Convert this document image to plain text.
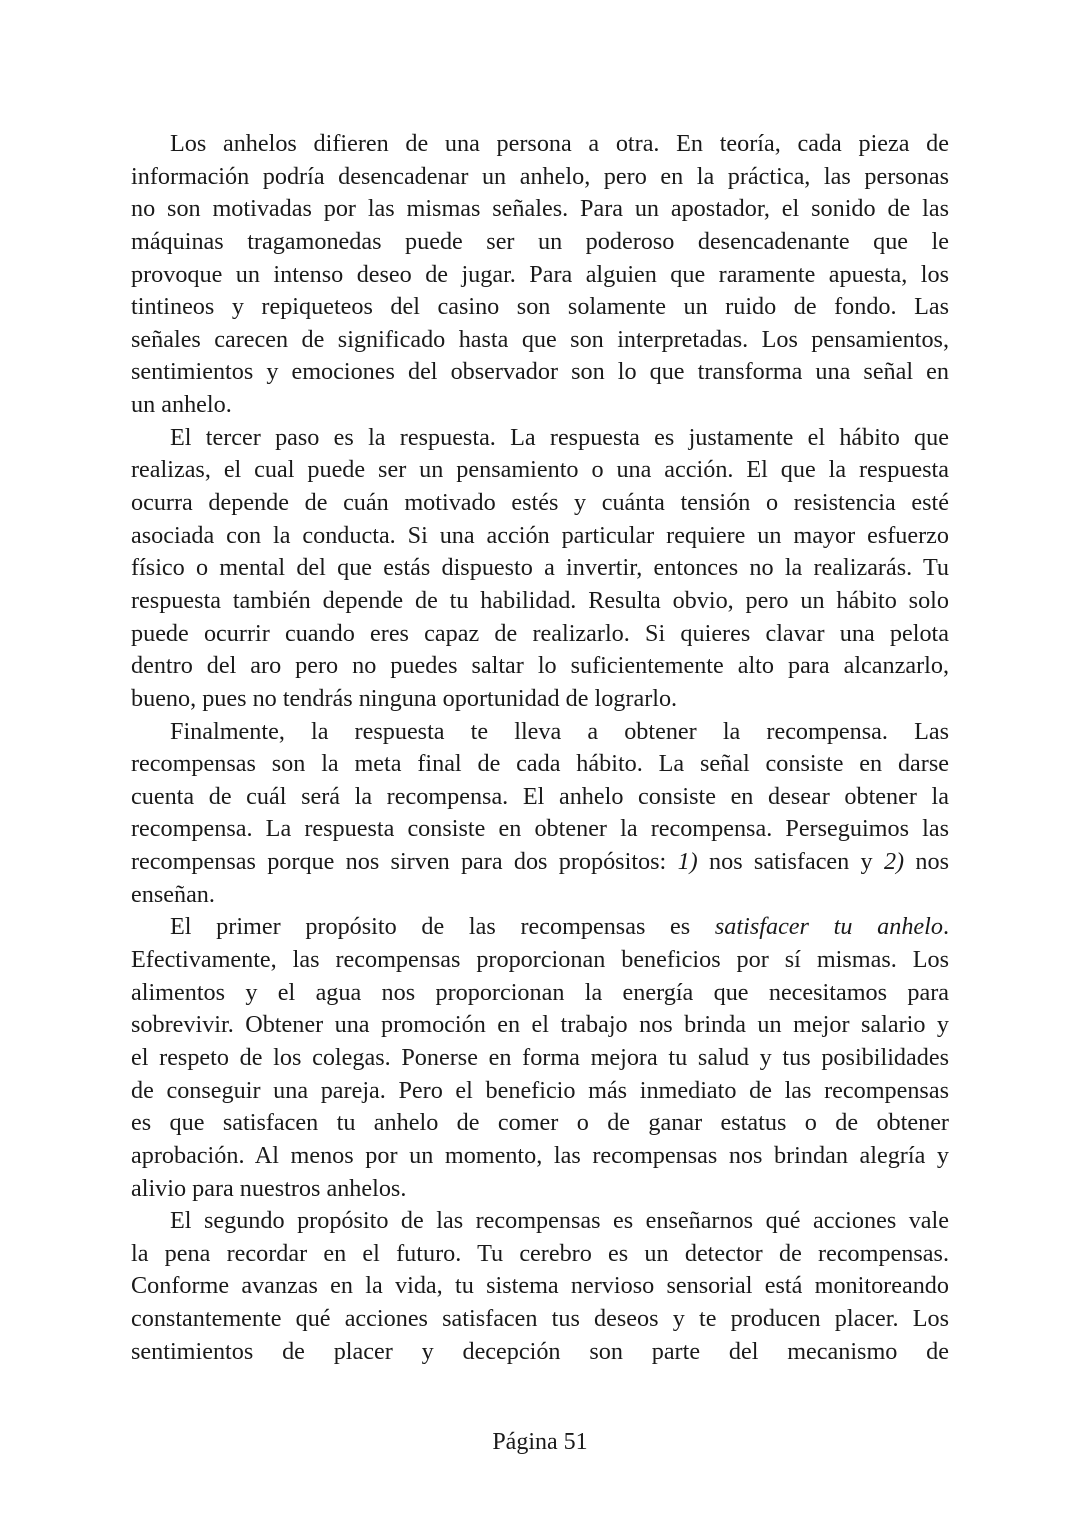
Los anhelos difieren de una persona a otra. En teoría, cada pieza de
información podría desencadenar un anhelo, pero en la práctica, las personas
no son motivadas por las mismas señales. Para un apostador, el sonido de las
máquinas tragamonedas puede ser un poderoso desencadenante que le
provoque un intenso deseo de jugar. Para alguien que raramente apuesta, los
tintineos y repiqueteos del casino son solamente un ruido de fondo. Las
señales carecen de significado hasta que son interpretadas. Los pensamientos,
sentimientos y emociones del observador son lo que transforma una señal en
un anhelo.
El tercer paso es la respuesta. La respuesta es justamente el hábito que
realizas, el cual puede ser un pensamiento o una acción. El que la respuesta
ocurra depende de cuán motivado estés y cuánta tensión o resistencia esté
asociada con la conducta. Si una acción particular requiere un mayor esfuerzo
físico o mental del que estás dispuesto a invertir, entonces no la realizarás. Tu
respuesta también depende de tu habilidad. Resulta obvio, pero un hábito solo
puede ocurrir cuando eres capaz de realizarlo. Si quieres clavar una pelota
dentro del aro pero no puedes saltar lo suficientemente alto para alcanzarlo,
bueno, pues no tendrás ninguna oportunidad de lograrlo.
Finalmente, la respuesta te lleva a obtener la recompensa. Las
recompensas son la meta final de cada hábito. La señal consiste en darse
cuenta de cuál será la recompensa. El anhelo consiste en desear obtener la
recompensa. La respuesta consiste en obtener la recompensa. Perseguimos las
recompensas porque nos sirven para dos propósitos: 1) nos satisfacen y 2) nos
enseñan.
El primer propósito de las recompensas es satisfacer tu anhelo.
Efectivamente, las recompensas proporcionan beneficios por sí mismas. Los
alimentos y el agua nos proporcionan la energía que necesitamos para
sobrevivir. Obtener una promoción en el trabajo nos brinda un mejor salario y
el respeto de los colegas. Ponerse en forma mejora tu salud y tus posibilidades
de conseguir una pareja. Pero el beneficio más inmediato de las recompensas
es que satisfacen tu anhelo de comer o de ganar estatus o de obtener
aprobación. Al menos por un momento, las recompensas nos brindan alegría y
alivio para nuestros anhelos.
El segundo propósito de las recompensas es enseñarnos qué acciones vale
la pena recordar en el futuro. Tu cerebro es un detector de recompensas.
Conforme avanzas en la vida, tu sistema nervioso sensorial está monitoreando
constantemente qué acciones satisfacen tus deseos y te producen placer. Los
sentimientos de placer y decepción son parte del mecanismo de
Página 51
